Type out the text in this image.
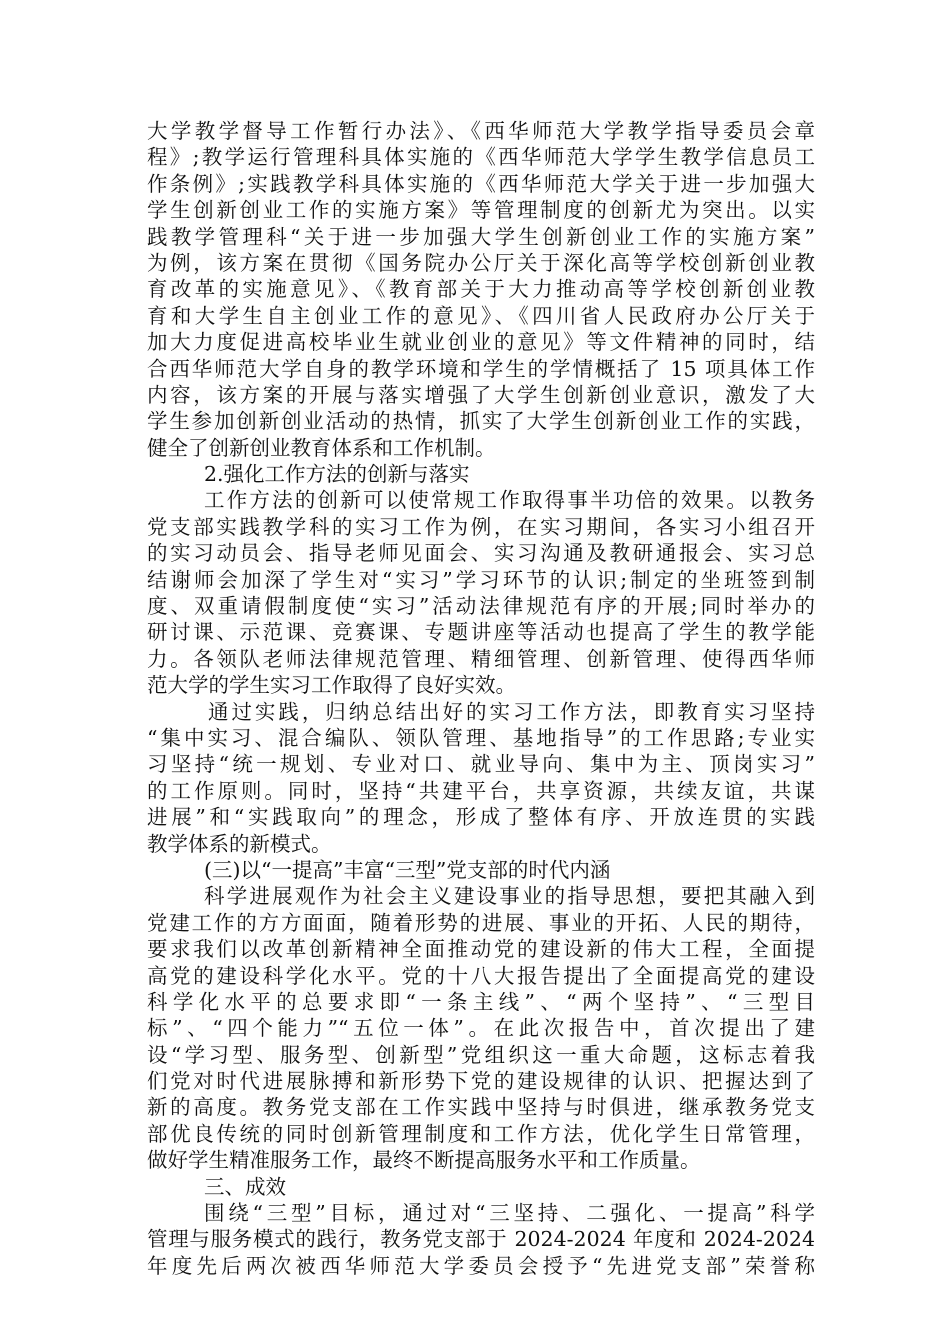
大学教学督导工作暂行办法》、《西华师范大学教学指导委员会章
程》;教学运行管理科具体实施的《西华师范大学学生教学信息员工
作条例》;实践教学科具体实施的《西华师范大学关于进一步加强大
学生创新创业工作的实施方案》等管理制度的创新尤为突出。以实
践教学管理科“关于进一步加强大学生创新创业工作的实施方案”
为例，该方案在贯彻《国务院办公厅关于深化高等学校创新创业教
育改革的实施意见》、《教育部关于大力推动高等学校创新创业教
育和大学生自主创业工作的意见》、《四川省人民政府办公厅关于
加大力度促进高校毕业生就业创业的意见》等文件精神的同时，结
合西华师范大学自身的教学环境和学生的学情概括了 15 项具体工作
内容，该方案的开展与落实增强了大学生创新创业意识，激发了大
学生参加创新创业活动的热情，抓实了大学生创新创业工作的实践，
健全了创新创业教育体系和工作机制。
2.强化工作方法的创新与落实
工作方法的创新可以使常规工作取得事半功倍的效果。以教务
党支部实践教学科的实习工作为例，在实习期间，各实习小组召开
的实习动员会、指导老师见面会、实习沟通及教研通报会、实习总
结谢师会加深了学生对“实习”学习环节的认识;制定的坐班签到制
度、双重请假制度使“实习”活动法律规范有序的开展;同时举办的
研讨课、示范课、竞赛课、专题讲座等活动也提高了学生的教学能
力。各领队老师法律规范管理、精细管理、创新管理、使得西华师
范大学的学生实习工作取得了良好实效。
通过实践，归纳总结出好的实习工作方法，即教育实习坚持
“集中实习、混合编队、领队管理、基地指导”的工作思路;专业实
习坚持“统一规划、专业对口、就业导向、集中为主、顶岗实习”
的工作原则。同时，坚持“共建平台，共享资源，共续友谊，共谋
进展”和“实践取向”的理念，形成了整体有序、开放连贯的实践
教学体系的新模式。
(三)以“一提高”丰富“三型”党支部的时代内涵
科学进展观作为社会主义建设事业的指导思想，要把其融入到
党建工作的方方面面，随着形势的进展、事业的开拓、人民的期待，
要求我们以改革创新精神全面推动党的建设新的伟大工程，全面提
高党的建设科学化水平。党的十八大报告提出了全面提高党的建设
科学化水平的总要求即“一条主线”、“两个坚持”、“三型目
标”、“四个能力”“五位一体”。在此次报告中，首次提出了建
设“学习型、服务型、创新型”党组织这一重大命题，这标志着我
们党对时代进展脉搏和新形势下党的建设规律的认识、把握达到了
新的高度。教务党支部在工作实践中坚持与时俱进，继承教务党支
部优良传统的同时创新管理制度和工作方法，优化学生日常管理，
做好学生精准服务工作，最终不断提高服务水平和工作质量。
三、成效
围绕“三型”目标，通过对“三坚持、二强化、一提高”科学
管理与服务模式的践行，教务党支部于 2024-2024 年度和 2024-2024
年度先后两次被西华师范大学委员会授予“先进党支部”荣誉称
